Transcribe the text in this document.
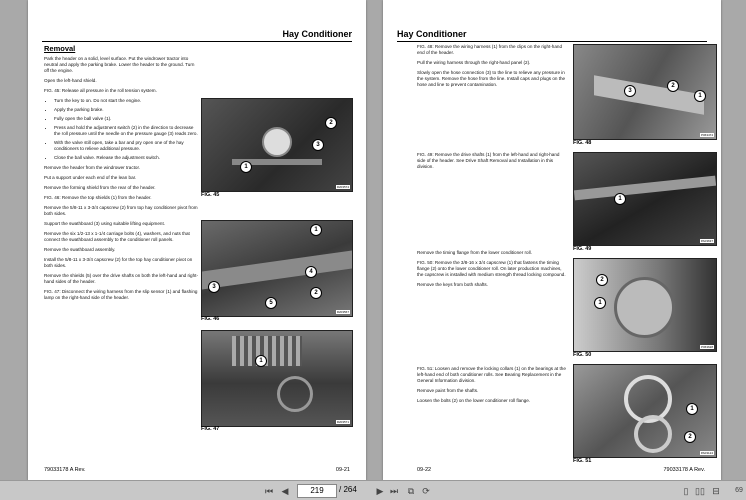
Hay Conditioner
Removal

Park the header on a solid, level surface. Put the windrower tractor into neutral and apply the parking brake. Lower the header to the ground. Turn off the engine.

Open the left-hand shield.

FIG. 45: Release all pressure in the roll tension system.

• Turn the key to on. Do not start the engine.
• Apply the parking brake.
• Fully open the ball valve (1).
• Press and hold the adjustment switch (2) in the direction to decrease the roll pressure until the needle on the pressure gauge (3) reads zero.
• With the valve still open, take a bar and pry open one of the hay conditioners to relieve additional pressure.
• Close the ball valve. Release the adjustment switch.

Remove the header from the windrower tractor.

Put a support under each end of the lean bar.

Remove the forming shield from the rear of the header.

FIG. 46: Remove the top shields (1) from the header.

Remove the 5/8-11 x 3-3/4 capscrew (2) from top hay conditioner pivot from both sides.

Support the swathboard (3) using suitable lifting equipment.

Remove the six 1/2-13 x 1-1/4 carriage bolts (4), washers, and nuts that connect the swathboard assembly to the conditioner roll panels.

Remove the swathboard assembly.

Install the 5/8-11 x 3-3/4 capscrew (2) for the top hay conditioner pivot on both sides.

Remove the shields (5) over the drive shafts on both the left-hand and right-hand sides of the header.

FIG. 47: Disconnect the wiring harness from the slip sensor (1) and flashing lamp on the right-hand side of the header.

2
3
1
R203574
FIG. 45
1
4
3
2
5
R203567
FIG. 46
1
R203571
FIG. 47
79033178 A Rev.	09-21
Hay Conditioner

FIG. 48: Remove the wiring harness (1) from the clips on the right-hand end of the header.

Pull the wiring harness through the right-hand panel (2).

Slowly open the hose connection (3) to the line to relieve any pressure in the system. Remove the hose from the line. Install caps and plugs on the hose and line to prevent contamination.

FIG. 49: Remove the drive shafts (1) from the left-hand and right-hand side of the header. See Drive Shaft Removal and Installation in this division.

Remove the timing flange from the lower conditioner roll.

FIG. 50: Remove the 3/8-16 x 3/4 capscrew (1) that fastens the timing flange (2) onto the lower conditioner roll. On later production machines, the capscrew is installed with medium strength thread locking compound.

Remove the keys from both shafts.

FIG. 51: Loosen and remove the locking collars (1) on the bearings at the left-hand end of both conditioner rolls. See Bearing Replacement in the General Information division.

Remove paint from the shafts.

Loosen the bolts (2) on the lower conditioner roll flange.

2
1
3
P063474
FIG. 48
1
PA03637
FIG. 49
2
1
P063628
FIG. 50
1
2
PA03124
FIG. 51
09-22	79033178 A Rev.
⏮ ◀	219	/ 264 ▶ ⏭	⧉ ⟳	▯ ▯▯ ⊟	69
